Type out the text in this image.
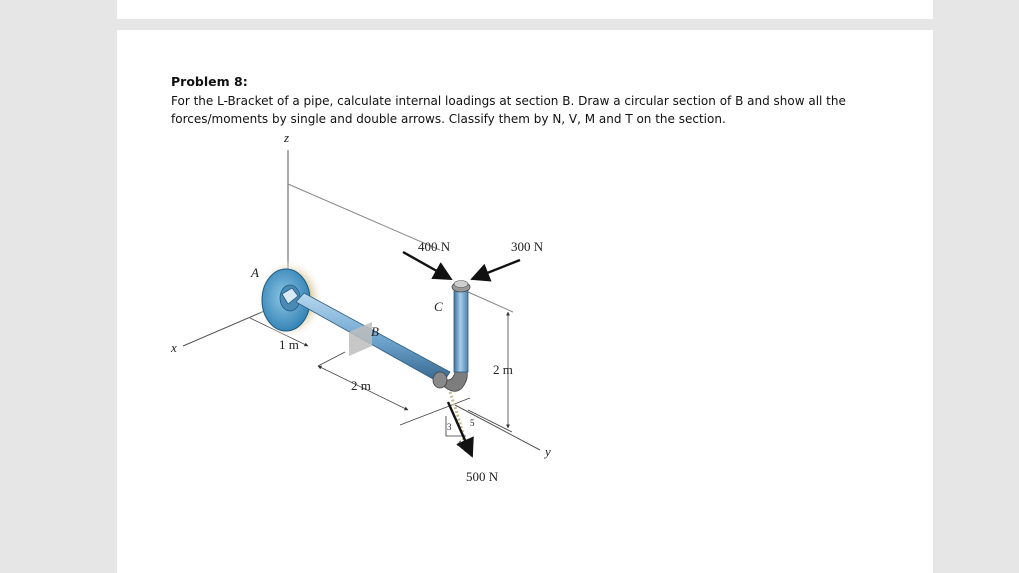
Problem 8:

For the L-Bracket of a pipe, calculate internal loadings at section B. Draw a circular section of B and show all the
forces/moments by single and double arrows. Classify them by N, V, M and T on the section.
z
x
y
A
B
C
400 N	300 N
500 N
1 m
2 m
2 m
3
4
5
